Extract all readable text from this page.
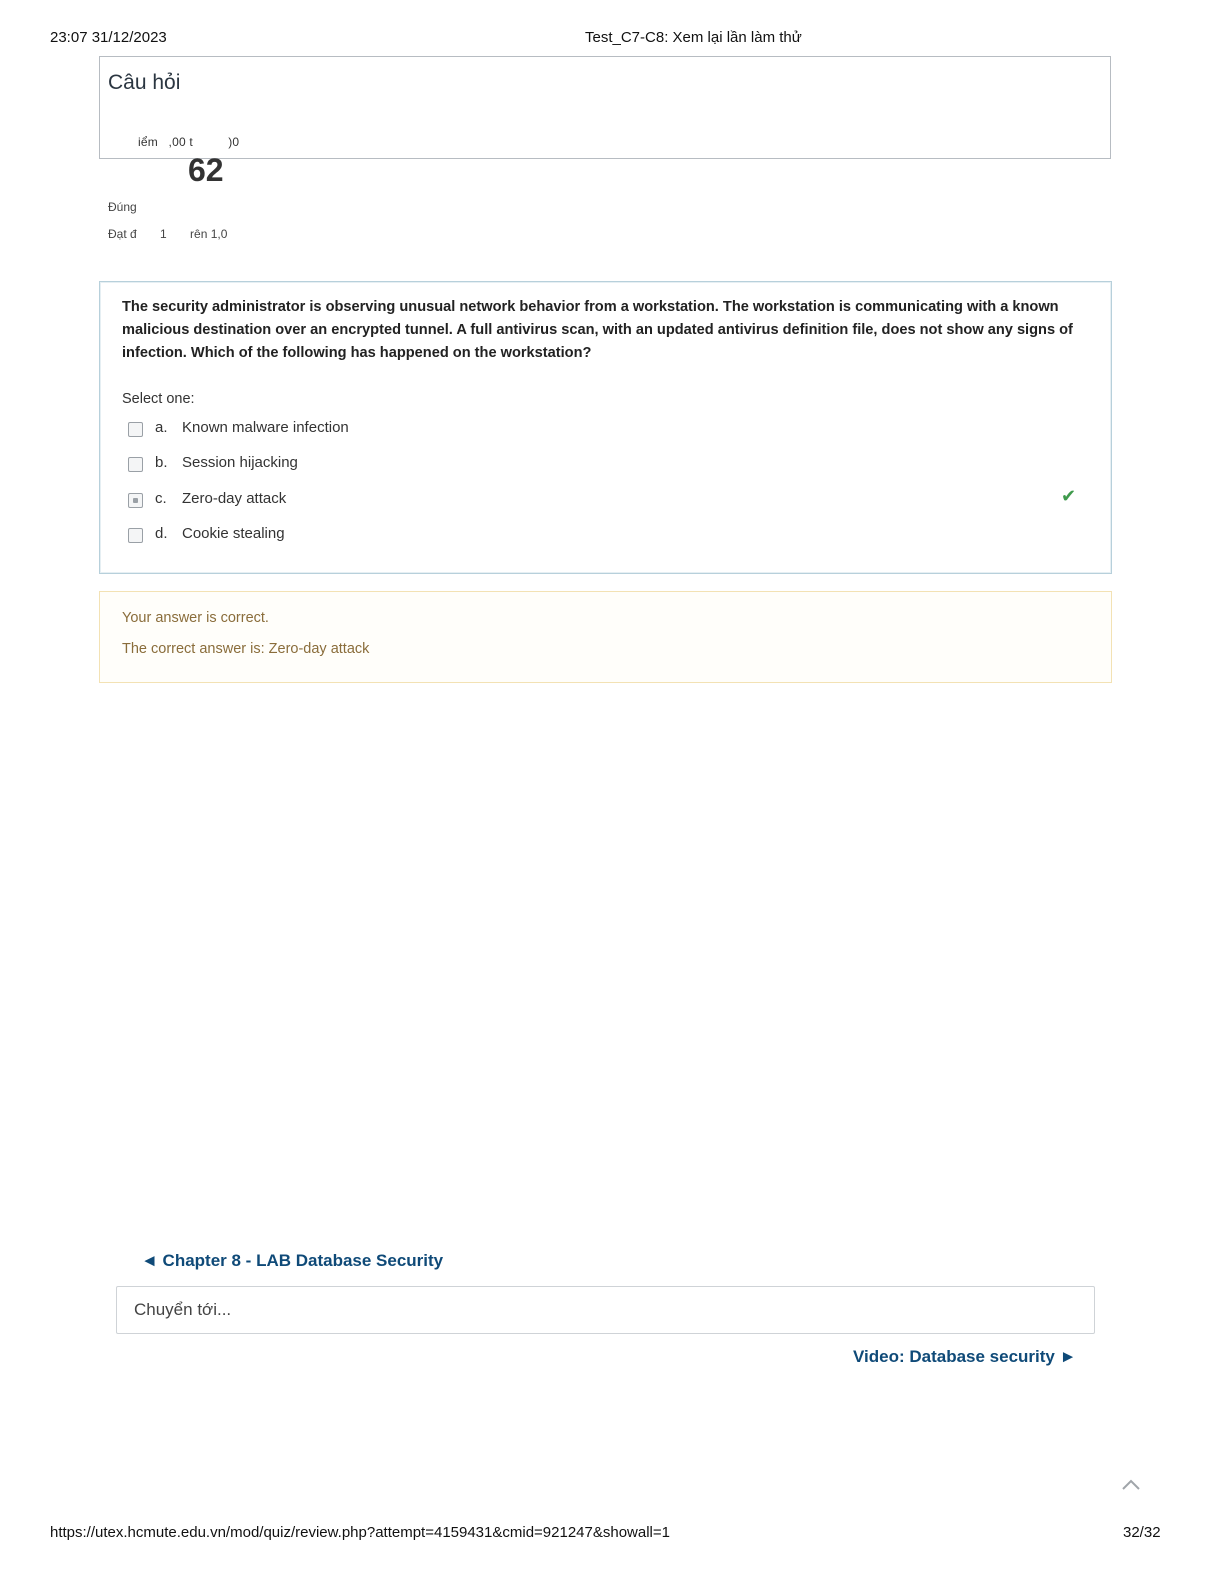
23:07 31/12/2023	Test_C7-C8: Xem lại lần làm thử
Câu hỏi
iểm   ,00 t          )0
62
Đúng
Đạt đ       1       rên 1,0
The security administrator is observing unusual network behavior from a workstation. The workstation is communicating with a known malicious destination over an encrypted tunnel. A full antivirus scan, with an updated antivirus definition file, does not show any signs of infection. Which of the following has happened on the workstation?
Select one:
a. Known malware infection
b. Session hijacking
c. Zero-day attack	✔
d. Cookie stealing
Your answer is correct.
The correct answer is: Zero-day attack
◄ Chapter 8 - LAB Database Security
Chuyển tới...
Video: Database security ►
https://utex.hcmute.edu.vn/mod/quiz/review.php?attempt=4159431&cmid=921247&showall=1	32/32
